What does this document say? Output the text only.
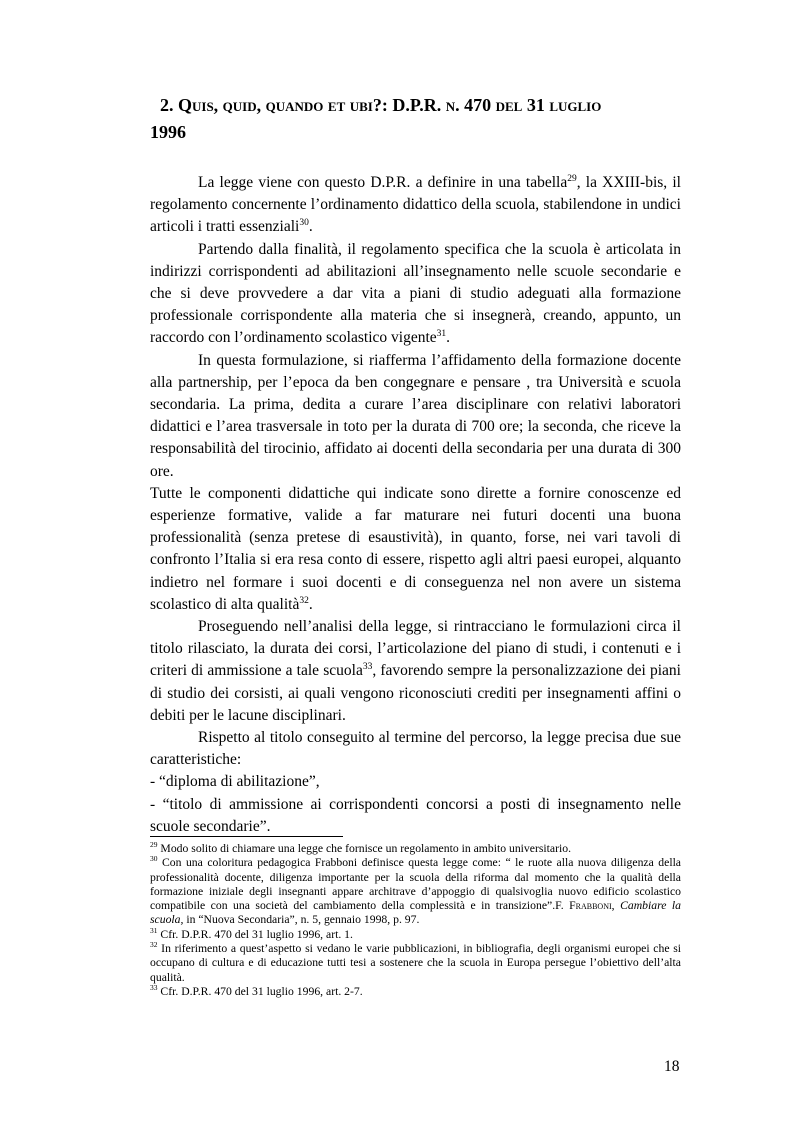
2. Quis, quid, quando et ubi?: D.P.R. n. 470 del 31 luglio
1996

La legge viene con questo D.P.R. a definire in una tabella$^{29}$, la XXIII-bis, il regolamento concernente l’ordinamento didattico della scuola, stabilendone in undici articoli i tratti essenziali$^{30}$.

Partendo dalla finalità, il regolamento specifica che la scuola è articolata in indirizzi corrispondenti ad abilitazioni all’insegnamento nelle scuole secondarie e che si deve provvedere a dar vita a piani di studio adeguati alla formazione professionale corrispondente alla materia che si insegnerà, creando, appunto, un raccordo con l’ordinamento scolastico vigente$^{31}$.

In questa formulazione, si riafferma l’affidamento della formazione docente alla partnership, per l’epoca da ben congegnare e pensare , tra Università e scuola secondaria. La prima, dedita a curare l’area disciplinare con relativi laboratori didattici e l’area trasversale in toto per la durata di 700 ore; la seconda, che riceve la responsabilità del tirocinio, affidato ai docenti della secondaria per una durata di 300 ore.

Tutte le componenti didattiche qui indicate sono dirette a fornire conoscenze ed esperienze formative, valide a far maturare nei futuri docenti una buona professionalità (senza pretese di esaustività), in quanto, forse, nei vari tavoli di confronto l’Italia si era resa conto di essere, rispetto agli altri paesi europei, alquanto indietro nel formare i suoi docenti e di conseguenza nel non avere un sistema scolastico di alta qualità$^{32}$.

Proseguendo nell’analisi della legge, si rintracciano le formulazioni circa il titolo rilasciato, la durata dei corsi, l’articolazione del piano di studi, i contenuti e i criteri di ammissione a tale scuola$^{33}$, favorendo sempre la personalizzazione dei piani di studio dei corsisti, ai quali vengono riconosciuti crediti per insegnamenti affini o debiti per le lacune disciplinari.

Rispetto al titolo conseguito al termine del percorso, la legge precisa due sue caratteristiche:

- “diploma di abilitazione”,

- “titolo di ammissione ai corrispondenti concorsi a posti di insegnamento nelle scuole secondarie”.

$^{29}$ Modo solito di chiamare una legge che fornisce un regolamento in ambito universitario.

$^{30}$ Con una coloritura pedagogica Frabboni definisce questa legge come: “ le ruote alla nuova diligenza della professionalità docente, diligenza importante per la scuola della riforma dal momento che la qualità della formazione iniziale degli insegnanti appare architrave d’appoggio di qualsivoglia nuovo edificio scolastico compatibile con una società del cambiamento della complessità e in transizione”.F. Frabboni, Cambiare la scuola, in “Nuova Secondaria”, n. 5, gennaio 1998, p. 97.

$^{31}$ Cfr. D.P.R. 470 del 31 luglio 1996, art. 1.

$^{32}$ In riferimento a quest’aspetto si vedano le varie pubblicazioni, in bibliografia, degli organismi europei che si occupano di cultura e di educazione tutti tesi a sostenere che la scuola in Europa persegue l’obiettivo dell’alta qualità.

$^{33}$ Cfr. D.P.R. 470 del 31 luglio 1996, art. 2-7.

18
